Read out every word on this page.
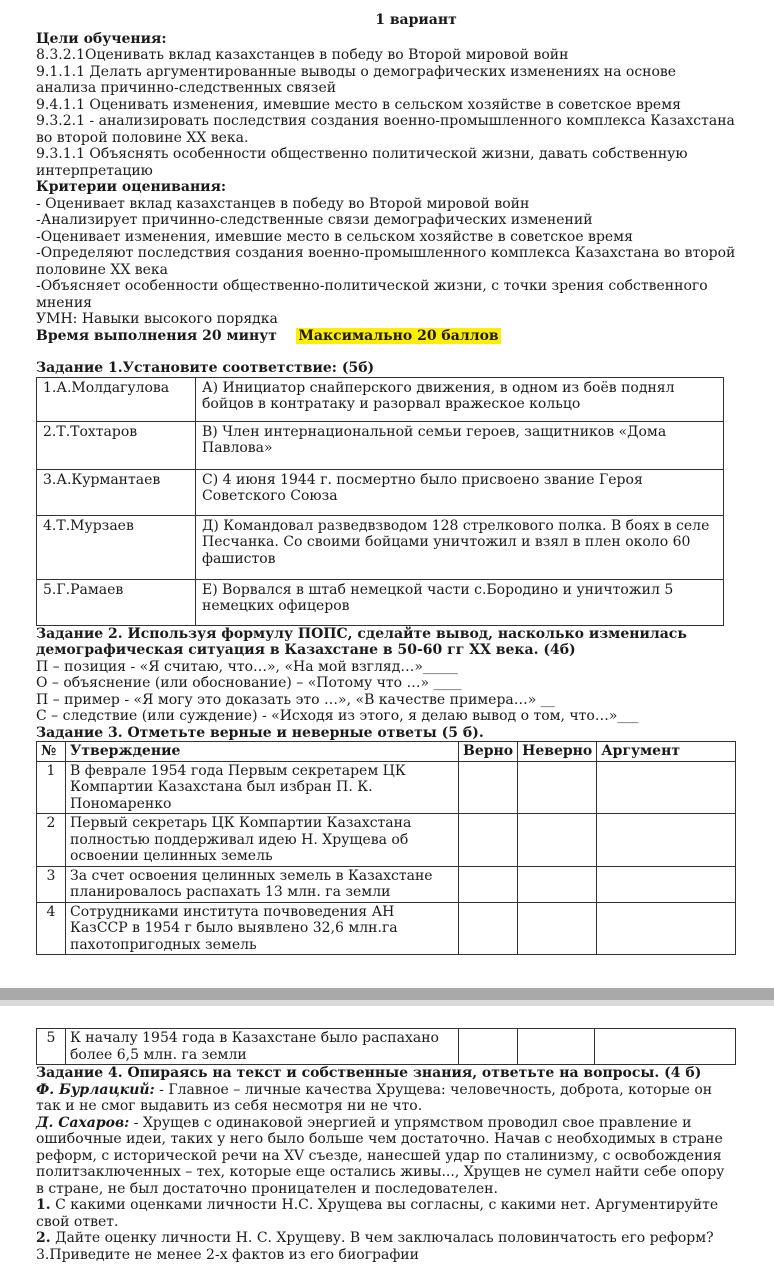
1 вариант
Цели обучения:
8.3.2.1Оценивать вклад казахстанцев в победу во Второй мировой войн
9.1.1.1 Делать аргументированные выводы о демографических изменениях на основе анализа причинно-следственных связей
9.4.1.1 Оценивать изменения, имевшие место в сельском хозяйстве в советское время
9.3.2.1 - анализировать последствия создания военно-промышленного комплекса Казахстана во второй половине XX века.
9.3.1.1 Объяснять особенности общественно политической жизни, давать собственную интерпретацию
Критерии оценивания:
- Оценивает вклад казахстанцев в победу во Второй мировой войн
-Анализирует причинно-следственные связи демографических изменений
-Оценивает изменения, имевшие место в сельском хозяйстве в советское время
-Определяют последствия создания военно-промышленного комплекса Казахстана во второй половине XX века
-Объясняет особенности общественно-политической жизни, с точки зрения собственного мнения
УМН: Навыки высокого порядка
Время выполнения 20 минут Максимально 20 баллов
Задание 1.Установите соответствие: (5б)
1.А.Молдагулова	А) Инициатор снайперского движения, в одном из боёв поднял бойцов в контратаку и разорвал вражеское кольцо
2.Т.Тохтаров	В) Член интернациональной семьи героев, защитников «Дома Павлова»
3.А.Курмантаев	С) 4 июня 1944 г. посмертно было присвоено звание Героя Советского Союза
4.Т.Мурзаев	Д) Командовал разведвзводом 128 стрелкового полка. В боях в селе Песчанка. Со своими бойцами уничтожил и взял в плен около 60 фашистов
5.Г.Рамаев	Е) Ворвался в штаб немецкой части с.Бородино и уничтожил 5 немецких офицеров
Задание 2. Используя формулу ПОПС, сделайте вывод, насколько изменилась демографическая ситуация в Казахстане в 50-60 гг XX века. (4б)
П – позиция - «Я считаю, что…», «На мой взгляд…»_____
О – объяснение (или обоснование) – «Потому что …» ____
П – пример - «Я могу это доказать это …», «В качестве примера…» __
С – следствие (или суждение) - «Исходя из этого, я делаю вывод о том, что…»___
Задание 3. Отметьте верные и неверные ответы (5 б).
№	Утверждение	Верно	Неверно	Аргумент
1	В феврале 1954 года Первым секретарем ЦК Компартии Казахстана был избран П. К. Пономаренко			
2	Первый секретарь ЦК Компартии Казахстана полностью поддерживал идею Н. Хрущева об освоении целинных земель			
3	За счет освоения целинных земель в Казахстане планировалось распахать 13 млн. га земли			
4	Сотрудниками института почвоведения АН КазССР в 1954 г было выявлено 32,6 млн.га пахотопригодных земель			
5	К началу 1954 года в Казахстане было распахано более 6,5 млн. га земли			
Задание 4. Опираясь на текст и собственные знания, ответьте на вопросы. (4 б)
Ф. Бурлацкий: - Главное – личные качества Хрущева: человечность, доброта, которые он так и не смог выдавить из себя несмотря ни не что.
Д. Сахаров: - Хрущев с одинаковой энергией и упрямством проводил свое правление и ошибочные идеи, таких у него было больше чем достаточно. Начав с необходимых в стране реформ, с исторической речи на XV съезде, нанесшей удар по сталинизму, с освобождения политзаключенных – тех, которые еще остались живы..., Хрущев не сумел найти себе опору в стране, не был достаточно проницателен и последователен.
1. С какими оценками личности Н.С. Хрущева вы согласны, с какими нет. Аргументируйте свой ответ.
2. Дайте оценку личности Н. С. Хрущеву. В чем заключалась половинчатость его реформ?
3.Приведите не менее 2-х фактов из его биографии
